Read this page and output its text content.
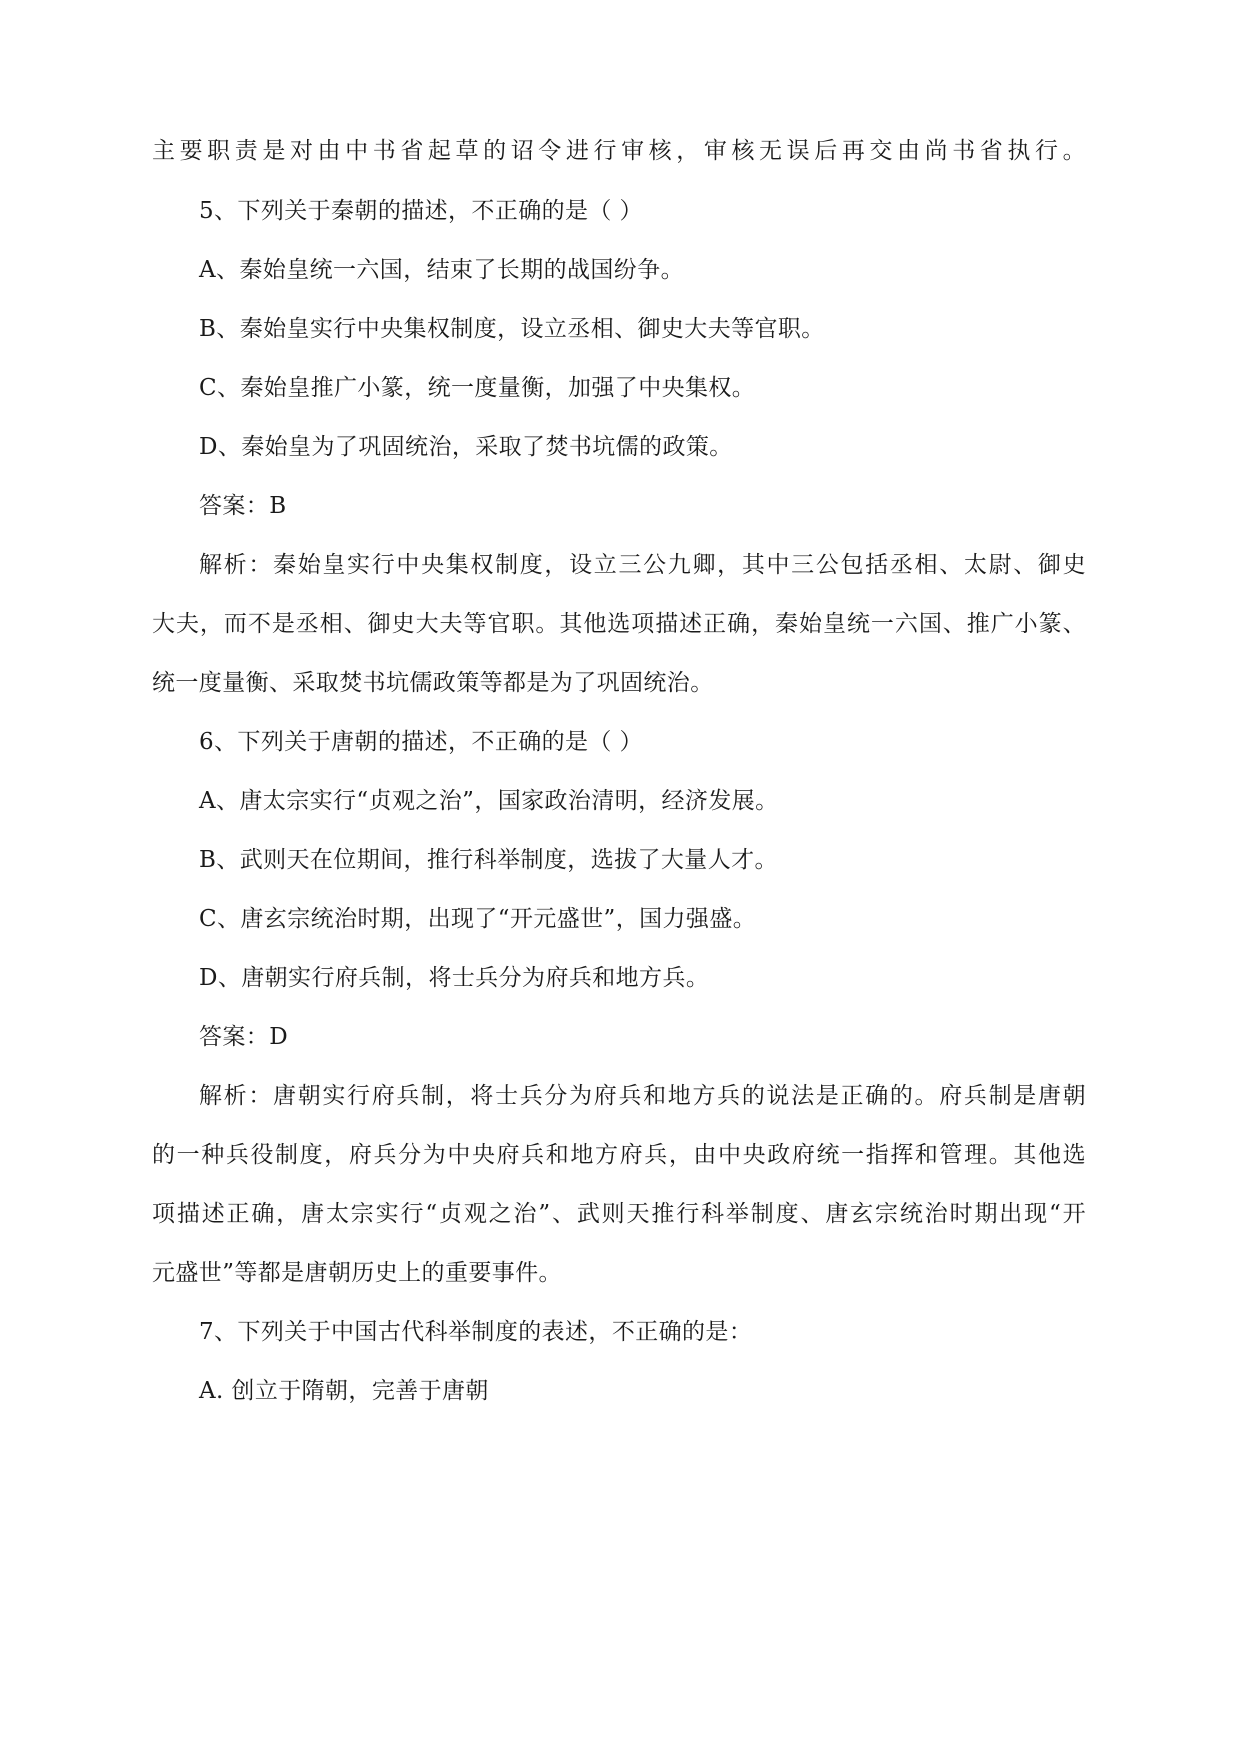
主要职责是对由中书省起草的诏令进行审核，审核无误后再交由尚书省执行。
5、下列关于秦朝的描述，不正确的是（ ）
A、秦始皇统一六国，结束了长期的战国纷争。
B、秦始皇实行中央集权制度，设立丞相、御史大夫等官职。
C、秦始皇推广小篆，统一度量衡，加强了中央集权。
D、秦始皇为了巩固统治，采取了焚书坑儒的政策。
答案：B
解析：秦始皇实行中央集权制度，设立三公九卿，其中三公包括丞相、太尉、御史
大夫，而不是丞相、御史大夫等官职。其他选项描述正确，秦始皇统一六国、推广小篆、
统一度量衡、采取焚书坑儒政策等都是为了巩固统治。
6、下列关于唐朝的描述，不正确的是（ ）
A、唐太宗实行“贞观之治”，国家政治清明，经济发展。
B、武则天在位期间，推行科举制度，选拔了大量人才。
C、唐玄宗统治时期，出现了“开元盛世”，国力强盛。
D、唐朝实行府兵制，将士兵分为府兵和地方兵。
答案：D
解析：唐朝实行府兵制，将士兵分为府兵和地方兵的说法是正确的。府兵制是唐朝
的一种兵役制度，府兵分为中央府兵和地方府兵，由中央政府统一指挥和管理。其他选
项描述正确，唐太宗实行“贞观之治”、武则天推行科举制度、唐玄宗统治时期出现“开
元盛世”等都是唐朝历史上的重要事件。
7、下列关于中国古代科举制度的表述，不正确的是：
A. 创立于隋朝，完善于唐朝
